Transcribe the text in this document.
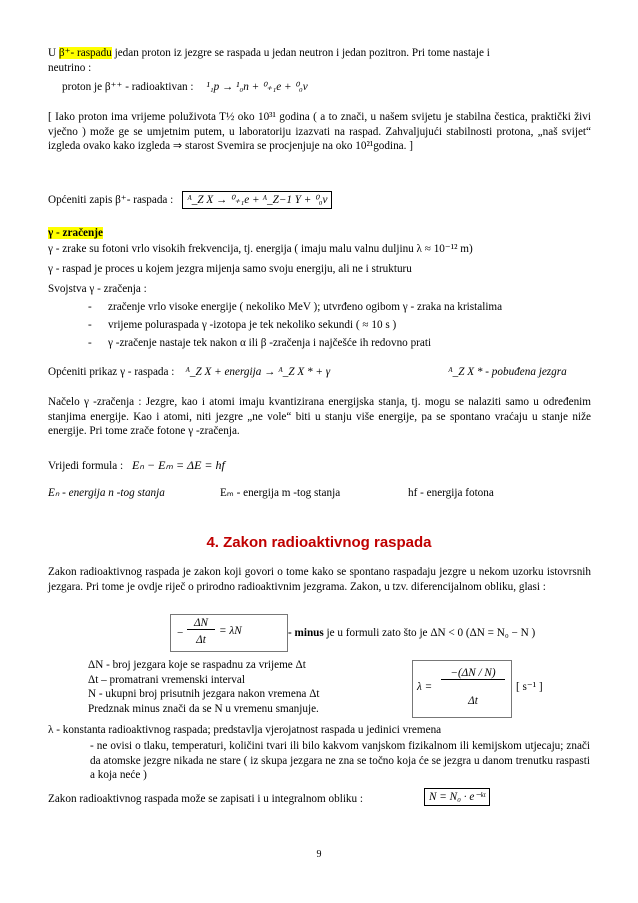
U β⁺- raspadu jedan proton iz jezgre se raspada u jedan neutron i jedan pozitron. Pri tome nastaje i
neutrino :
proton je β⁺⁺ - radioaktivan : ¹₁p → ¹₀n + ⁰₊₁e + ⁰₀ν
[ Iako proton ima vrijeme poluživota T½ oko 10³¹ godina ( a to znači, u našem svijetu je stabilna čestica, praktički živi vječno ) može ge se umjetnim putem, u laboratoriju izazvati na raspad. Zahvaljujući stabilnosti protona, „naš svijet“ izgleda ovako kako izgleda ⇒ starost Svemira se procjenjuje na oko 10²¹godina. ]
Općeniti zapis β⁺- raspada : ᴬ_Z X → ⁰₊₁e + ᴬ_Z−1 Y + ⁰₀ν
γ - zračenje
γ - zrake su fotoni vrlo visokih frekvencija, tj. energija ( imaju malu valnu duljinu λ ≈ 10⁻¹² m)
γ - raspad je proces u kojem jezgra mijenja samo svoju energiju, ali ne i strukturu
Svojstva γ - zračenja :
- zračenje vrlo visoke energije ( nekoliko MeV ); utvrđeno ogibom γ - zraka na kristalima
- vrijeme poluraspada γ -izotopa je tek nekoliko sekundi ( ≈ 10 s )
- γ -zračenje nastaje tek nakon α ili β -zračenja i najčešće ih redovno prati
Općeniti prikaz γ - raspada : ᴬ_Z X + energija → ᴬ_Z X * + γ	ᴬ_Z X * - pobuđena jezgra
Načelo γ -zračenja : Jezgre, kao i atomi imaju kvantizirana energijska stanja, tj. mogu se nalaziti samo u određenim stanjima energije. Kao i atomi, niti jezgre „ne vole“ biti u stanju više energije, pa se spontano vraćaju u stanje niže energije. Pri tome zrače fotone γ -zračenja.
Vrijedi formula : Eₙ − Eₘ = ΔE = hf
Eₙ - energija n -tog stanja	Eₘ - energija m -tog stanja	hf - energija fotona
4. Zakon radioaktivnog raspada
Zakon radioaktivnog raspada je zakon koji govori o tome kako se spontano raspadaju jezgre u nekom uzorku istovrsnih jezgara. Pri tome je ovdje riječ o prirodno radioaktivnim jezgrama. Zakon, u tzv. diferencijalnom obliku, glasi :
−
ΔN
Δt
= λN	- minus je u formuli zato što je ΔN < 0 (ΔN = N₀ − N )
ΔN - broj jezgara koje se raspadnu za vrijeme Δt
Δt – promatrani vremenski interval
N - ukupni broj prisutnih jezgara nakon vremena Δt
Predznak minus znači da se N u vremenu smanjuje.
λ =
−(ΔN / N)
Δt
[ s⁻¹ ]
λ - konstanta radioaktivnog raspada; predstavlja vjerojatnost raspada u jedinici vremena
- ne ovisi o tlaku, temperaturi, količini tvari ili bilo kakvom vanjskom fizikalnom ili kemijskom utjecaju; znači da atomske jezgre nikada ne stare ( iz skupa jezgara ne zna se točno koja će se jezgra u danom trenutku raspasti a koja neće )
Zakon radioaktivnog raspada može se zapisati i u integralnom obliku :	N = N₀ · e⁻ᵏᵗ
9
